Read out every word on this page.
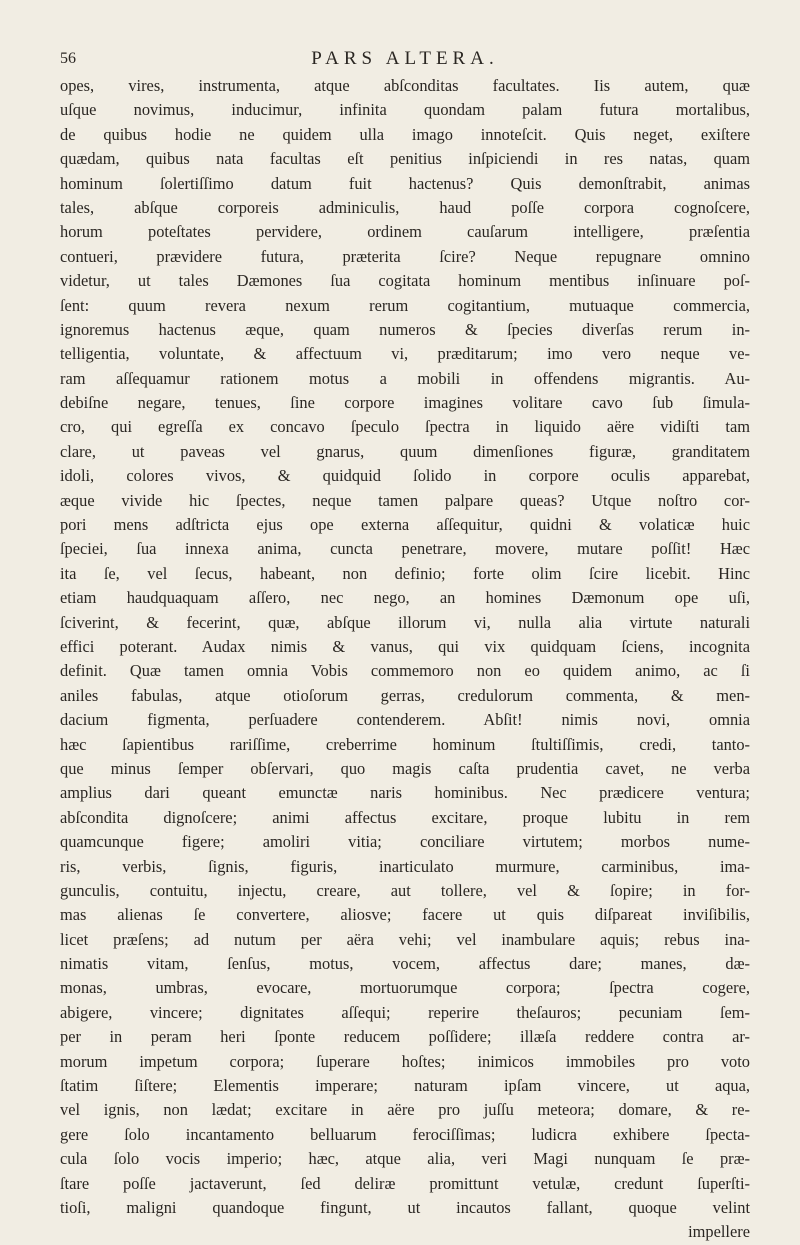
56	PARS ALTERA.
opes, vires, instrumenta, atque abſconditas facultates. Iis autem, quæ
uſque novimus, inducimur, infinita quondam palam futura mortalibus,
de quibus hodie ne quidem ulla imago innoteſcit. Quis neget, exiſtere
quædam, quibus nata facultas eſt penitius inſpiciendi in res natas, quam
hominum ſolertiſſimo datum fuit hactenus? Quis demonſtrabit, animas
tales, abſque corporeis adminiculis, haud poſſe corpora cognoſcere,
horum poteſtates pervidere, ordinem cauſarum intelligere, præſentia
contueri, prævidere futura, præterita ſcire? Neque repugnare omnino
videtur, ut tales Dæmones ſua cogitata hominum mentibus inſinuare poſ-
ſent: quum revera nexum rerum cogitantium, mutuaque commercia,
ignoremus hactenus æque, quam numeros & ſpecies diverſas rerum in-
telligentia, voluntate, & affectuum vi, præditarum; imo vero neque ve-
ram aſſequamur rationem motus a mobili in offendens migrantis. Au-
debiſne negare, tenues, ſine corpore imagines volitare cavo ſub ſimula-
cro, qui egreſſa ex concavo ſpeculo ſpectra in liquido aëre vidiſti tam
clare, ut paveas vel gnarus, quum dimenſiones figuræ, granditatem
idoli, colores vivos, & quidquid ſolido in corpore oculis apparebat,
æque vivide hic ſpectes, neque tamen palpare queas? Utque noſtro cor-
pori mens adſtricta ejus ope externa aſſequitur, quidni & volaticæ huic
ſpeciei, ſua innexa anima, cuncta penetrare, movere, mutare poſſit! Hæc
ita ſe, vel ſecus, habeant, non definio; forte olim ſcire licebit. Hinc
etiam haudquaquam aſſero, nec nego, an homines Dæmonum ope uſi,
ſciverint, & fecerint, quæ, abſque illorum vi, nulla alia virtute naturali
effici poterant. Audax nimis & vanus, qui vix quidquam ſciens, incognita
definit. Quæ tamen omnia Vobis commemoro non eo quidem animo, ac ſi
aniles fabulas, atque otioſorum gerras, credulorum commenta, & men-
dacium figmenta, perſuadere contenderem. Abſit! nimis novi, omnia
hæc ſapientibus rariſſime, creberrime hominum ſtultiſſimis, credi, tanto-
que minus ſemper obſervari, quo magis caſta prudentia cavet, ne verba
amplius dari queant emunctæ naris hominibus. Nec prædicere ventura;
abſcondita dignoſcere; animi affectus excitare, proque lubitu in rem
quamcunque figere; amoliri vitia; conciliare virtutem; morbos nume-
ris, verbis, ſignis, figuris, inarticulato murmure, carminibus, ima-
gunculis, contuitu, injectu, creare, aut tollere, vel & ſopire; in for-
mas alienas ſe convertere, aliosve; facere ut quis diſpareat inviſibilis,
licet præſens; ad nutum per aëra vehi; vel inambulare aquis; rebus ina-
nimatis vitam, ſenſus, motus, vocem, affectus dare; manes, dæ-
monas, umbras, evocare, mortuorumque corpora; ſpectra cogere,
abigere, vincere; dignitates aſſequi; reperire theſauros; pecuniam ſem-
per in peram heri ſponte reducem poſſidere; illæſa reddere contra ar-
morum impetum corpora; ſuperare hoſtes; inimicos immobiles pro voto
ſtatim ſiſtere; Elementis imperare; naturam ipſam vincere, ut aqua,
vel ignis, non lædat; excitare in aëre pro juſſu meteora; domare, & re-
gere ſolo incantamento belluarum ferociſſimas; ludicra exhibere ſpecta-
cula ſolo vocis imperio; hæc, atque alia, veri Magi nunquam ſe præ-
ſtare poſſe jactaverunt, ſed deliræ promittunt vetulæ, credunt ſuperſti-
tioſi, maligni quandoque fingunt, ut incautos fallant, quoque velint
impellere
